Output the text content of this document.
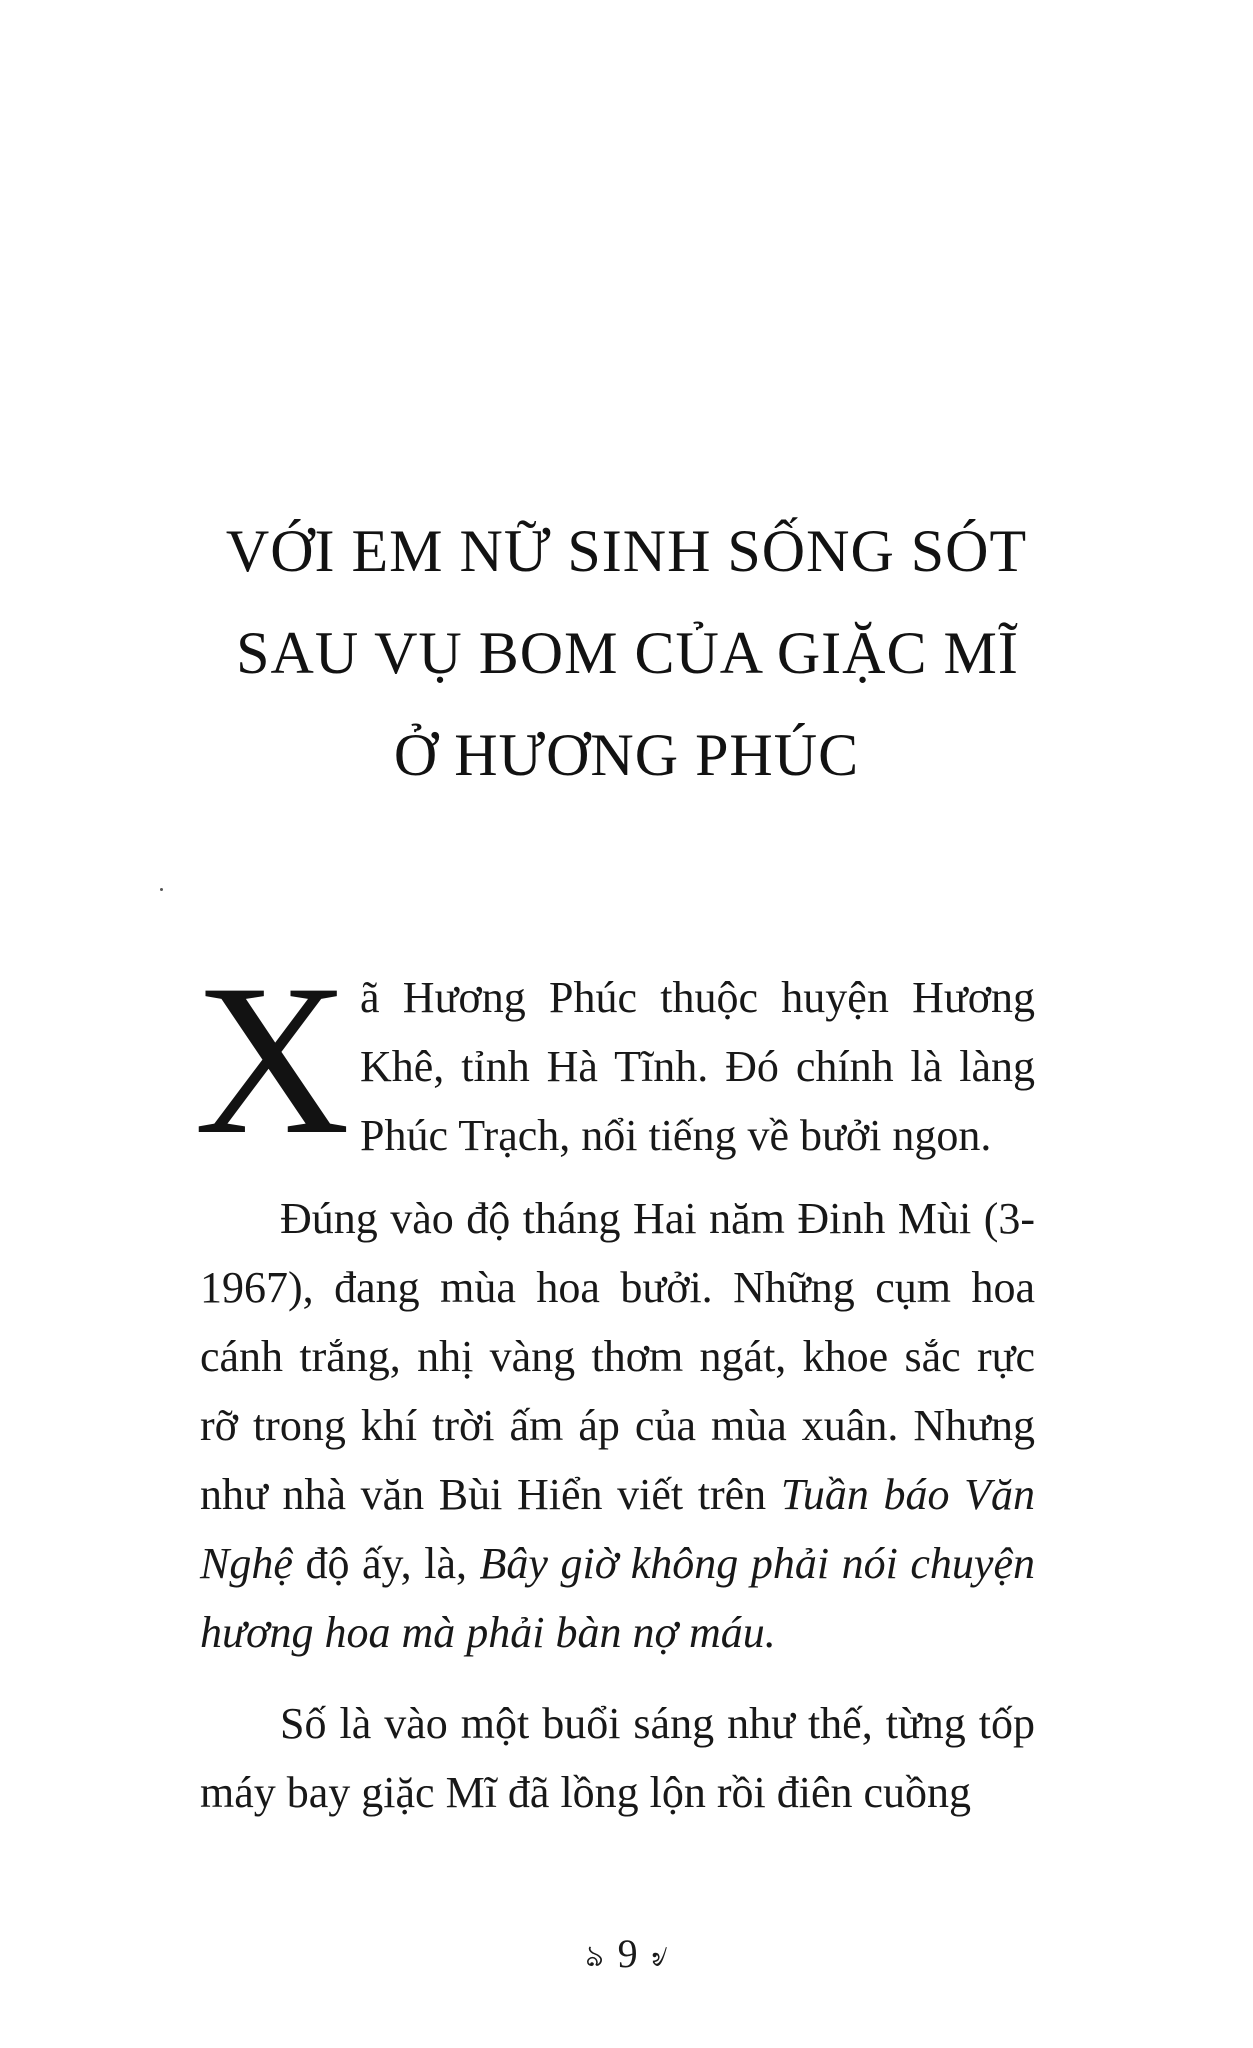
VỚI EM NỮ SINH SỐNG SÓT
SAU VỤ BOM CỦA GIẶC MĨ
Ở HƯƠNG PHÚC

Xã Hương Phúc thuộc huyện Hương Khê, tỉnh Hà Tĩnh. Đó chính là làng Phúc Trạch, nổi tiếng về bưởi ngon.

Đúng vào độ tháng Hai năm Đinh Mùi (3-1967), đang mùa hoa bưởi. Những cụm hoa cánh trắng, nhị vàng thơm ngát, khoe sắc rực rỡ trong khí trời ấm áp của mùa xuân. Nhưng như nhà văn Bùi Hiển viết trên Tuần báo Văn Nghệ độ ấy, là, Bây giờ không phải nói chuyện hương hoa mà phải bàn nợ máu.

Số là vào một buổi sáng như thế, từng tốp máy bay giặc Mĩ đã lồng lộn rồi điên cuồng

ঌ 9 ৶
